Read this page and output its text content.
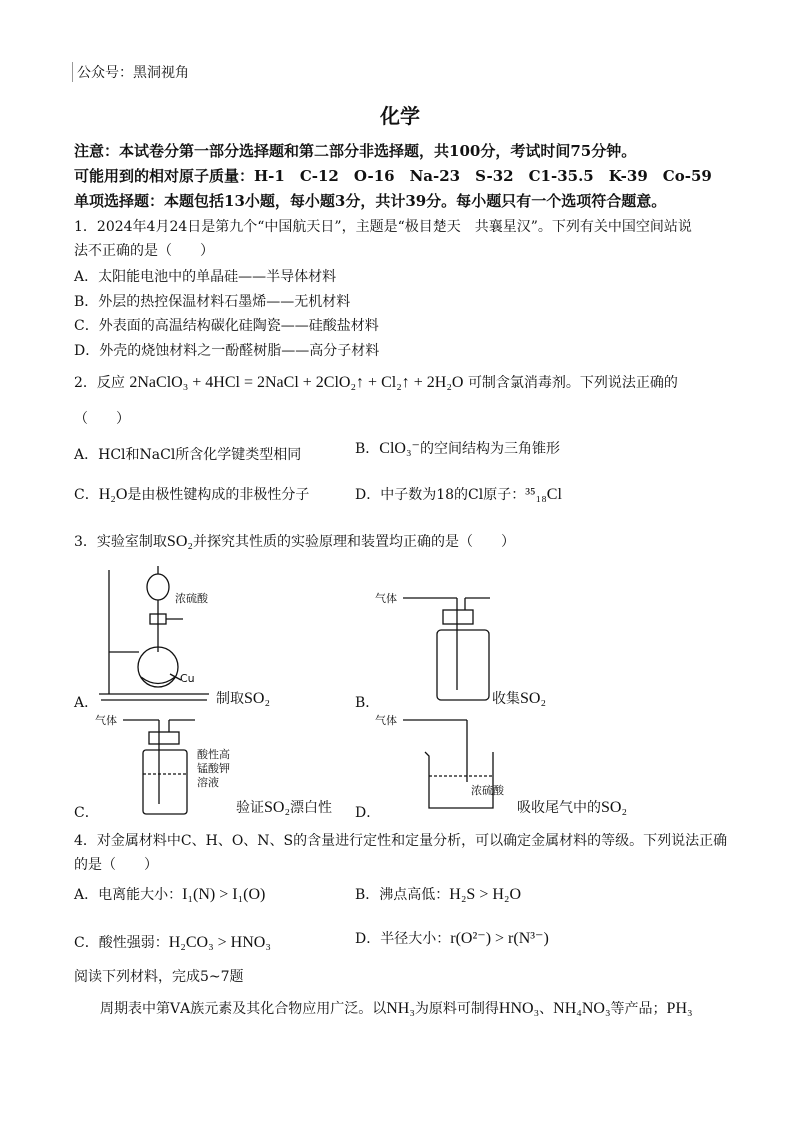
公众号：黑洞视角
化学
注意：本试卷分第一部分选择题和第二部分非选择题，共100分，考试时间75分钟。
可能用到的相对原子质量：H-1　C-12　O-16　Na-23　S-32　C1-35.5　K-39　Co-59
单项选择题：本题包括13小题，每小题3分，共计39分。每小题只有一个选项符合题意。
1．2024年4月24日是第九个“中国航天日”，主题是“极目楚天　共襄星汉”。下列有关中国空间站说
法不正确的是（　　）
A．太阳能电池中的单晶硅——半导体材料
B．外层的热控保温材料石墨烯——无机材料
C．外表面的高温结构碳化硅陶瓷——硅酸盐材料
D．外壳的烧蚀材料之一酚醛树脂——高分子材料
2．反应 2NaClO₃ + 4HCl = 2NaCl + 2ClO₂↑ + Cl₂↑ + 2H₂O 可制含氯消毒剂。下列说法正确的
（　　）
A．HCl和NaCl所含化学键类型相同	B．ClO₃⁻的空间结构为三角锥形
C．H₂O是由极性键构成的非极性分子	D．中子数为18的Cl原子：³⁵₁₈Cl
3．实验室制取SO₂并探究其性质的实验原理和装置均正确的是（　　）
浓硫酸
Cu
A．	制取SO₂
气体
B．	收集SO₂
气体
酸性高
锰酸钾
溶液
C．	验证SO₂漂白性
气体
浓硫酸
D．	吸收尾气中的SO₂
4．对金属材料中C、H、O、N、S的含量进行定性和定量分析，可以确定金属材料的等级。下列说法正确
的是（　　）
A．电离能大小：I₁(N) > I₁(O)	B．沸点高低：H₂S > H₂O
C．酸性强弱：H₂CO₃ > HNO₃	D．半径大小：r(O²⁻) > r(N³⁻)
阅读下列材料，完成5~7题
周期表中第ⅤA族元素及其化合物应用广泛。以NH₃为原料可制得HNO₃、NH₄NO₃等产品；PH₃
